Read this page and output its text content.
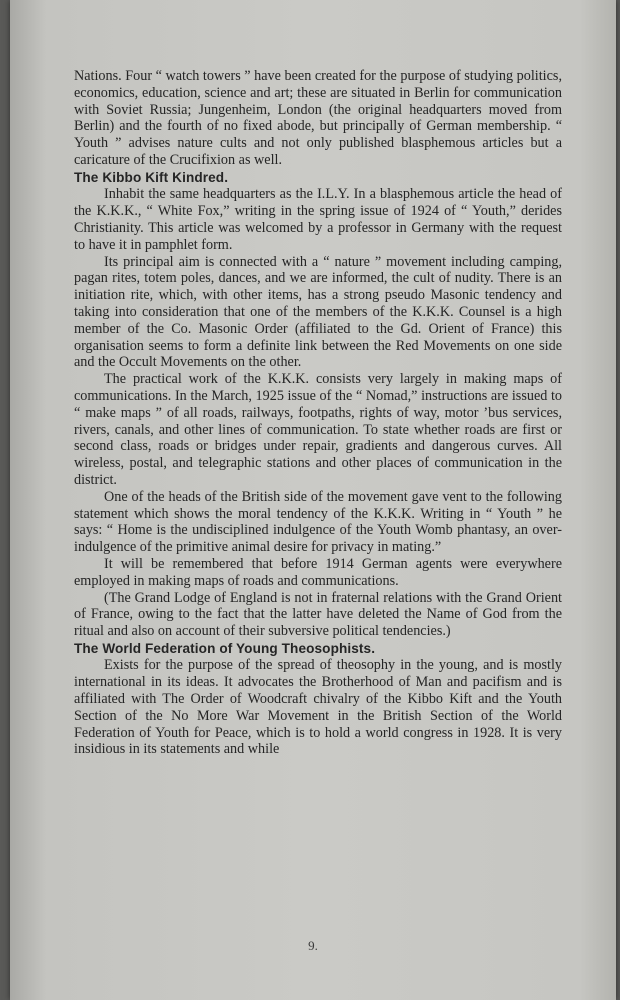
Nations. Four “ watch towers ” have been created for the purpose of studying politics, economics, education, science and art; these are situated in Berlin for communication with Soviet Russia; Jungenheim, London (the original headquarters moved from Berlin) and the fourth of no fixed abode, but principally of German membership. “ Youth ” advises nature cults and not only published blasphemous articles but a caricature of the Crucifixion as well.

The Kibbo Kift Kindred.

Inhabit the same headquarters as the I.L.Y. In a blasphemous article the head of the K.K.K., “ White Fox,” writing in the spring issue of 1924 of “ Youth,” derides Christianity. This article was welcomed by a professor in Germany with the request to have it in pamphlet form.

Its principal aim is connected with a “ nature ” movement including camping, pagan rites, totem poles, dances, and we are informed, the cult of nudity. There is an initiation rite, which, with other items, has a strong pseudo Masonic tendency and taking into consideration that one of the members of the K.K.K. Counsel is a high member of the Co. Masonic Order (affiliated to the Gd. Orient of France) this organisation seems to form a definite link between the Red Movements on one side and the Occult Movements on the other.

The practical work of the K.K.K. consists very largely in making maps of communications. In the March, 1925 issue of the “ Nomad,” instructions are issued to “ make maps ” of all roads, railways, footpaths, rights of way, motor ’bus services, rivers, canals, and other lines of communication. To state whether roads are first or second class, roads or bridges under repair, gradients and dangerous curves. All wireless, postal, and telegraphic stations and other places of communication in the district.

One of the heads of the British side of the movement gave vent to the following statement which shows the moral tendency of the K.K.K. Writing in “ Youth ” he says: “ Home is the undisciplined indulgence of the Youth Womb phantasy, an over-indulgence of the primitive animal desire for privacy in mating.”

It will be remembered that before 1914 German agents were everywhere employed in making maps of roads and communications.

(The Grand Lodge of England is not in fraternal relations with the Grand Orient of France, owing to the fact that the latter have deleted the Name of God from the ritual and also on account of their subversive political tendencies.)

The World Federation of Young Theosophists.

Exists for the purpose of the spread of theosophy in the young, and is mostly international in its ideas. It advocates the Brotherhood of Man and pacifism and is affiliated with The Order of Woodcraft chivalry of the Kibbo Kift and the Youth Section of the No More War Movement in the British Section of the World Federation of Youth for Peace, which is to hold a world congress in 1928. It is very insidious in its statements and while

9.
